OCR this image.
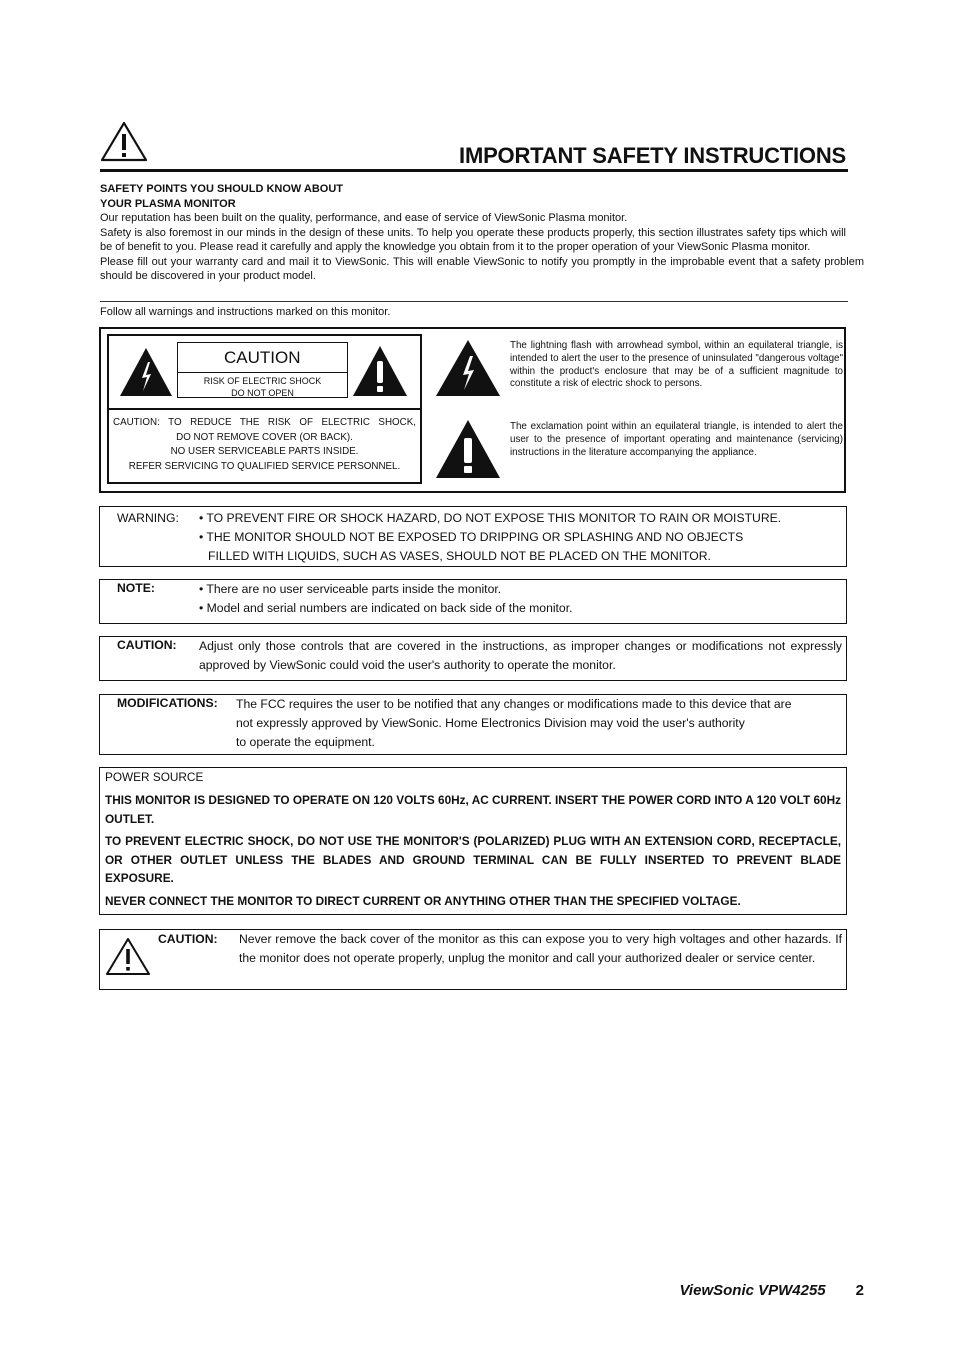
IMPORTANT SAFETY INSTRUCTIONS

SAFETY POINTS YOU SHOULD KNOW ABOUT

YOUR PLASMA MONITOR

Our reputation has been built on the quality, performance, and ease of service of ViewSonic Plasma monitor.

Safety is also foremost in our minds in the design of these units. To help you operate these products properly, this section illustrates safety tips which will be of benefit to you. Please read it carefully and apply the knowledge you obtain from it to the proper operation of your ViewSonic Plasma monitor.

Please fill out your warranty card and mail it to ViewSonic. This will enable ViewSonic to notify you promptly in the improbable event that a safety problem should be discovered in your product model.

Follow all warnings and instructions marked on this monitor.
CAUTION
RISK OF ELECTRIC SHOCK
DO NOT OPEN
CAUTION: TO REDUCE THE RISK OF ELECTRIC SHOCK,
DO NOT REMOVE COVER (OR BACK).
NO USER SERVICEABLE PARTS INSIDE.
REFER SERVICING TO QUALIFIED SERVICE PERSONNEL.
The lightning flash with arrowhead symbol, within an equilateral triangle, is intended to alert the user to the presence of uninsulated "dangerous voltage" within the product's enclosure that may be of a sufficient magnitude to constitute a risk of electric shock to persons.
The exclamation point within an equilateral triangle, is intended to alert the user to the presence of important operating and maintenance (servicing) instructions in the literature accompanying the appliance.
WARNING: • TO PREVENT FIRE OR SHOCK HAZARD, DO NOT EXPOSE THIS MONITOR TO RAIN OR MOISTURE.
• THE MONITOR SHOULD NOT BE EXPOSED TO DRIPPING OR SPLASHING AND NO OBJECTS
FILLED WITH LIQUIDS, SUCH AS VASES, SHOULD NOT BE PLACED ON THE MONITOR.
NOTE:	• There are no user serviceable parts inside the monitor.
• Model and serial numbers are indicated on back side of the monitor.
CAUTION: Adjust only those controls that are covered in the instructions, as improper changes or modifications not expressly approved by ViewSonic could void the user's authority to operate the monitor.
MODIFICATIONS: The FCC requires the user to be notified that any changes or modifications made to this device that are
not expressly approved by ViewSonic. Home Electronics Division may void the user's authority
to operate the equipment.
POWER SOURCE
THIS MONITOR IS DESIGNED TO OPERATE ON 120 VOLTS 60Hz, AC CURRENT. INSERT THE POWER CORD INTO A 120 VOLT 60Hz OUTLET.
TO PREVENT ELECTRIC SHOCK, DO NOT USE THE MONITOR'S (POLARIZED) PLUG WITH AN EXTENSION CORD, RECEPTACLE, OR OTHER OUTLET UNLESS THE BLADES AND GROUND TERMINAL CAN BE FULLY INSERTED TO PREVENT BLADE EXPOSURE.
NEVER CONNECT THE MONITOR TO DIRECT CURRENT OR ANYTHING OTHER THAN THE SPECIFIED VOLTAGE.
CAUTION: Never remove the back cover of the monitor as this can expose you to very high voltages and other hazards. If the monitor does not operate properly, unplug the monitor and call your authorized dealer or service center.
ViewSonic VPW4255 2
